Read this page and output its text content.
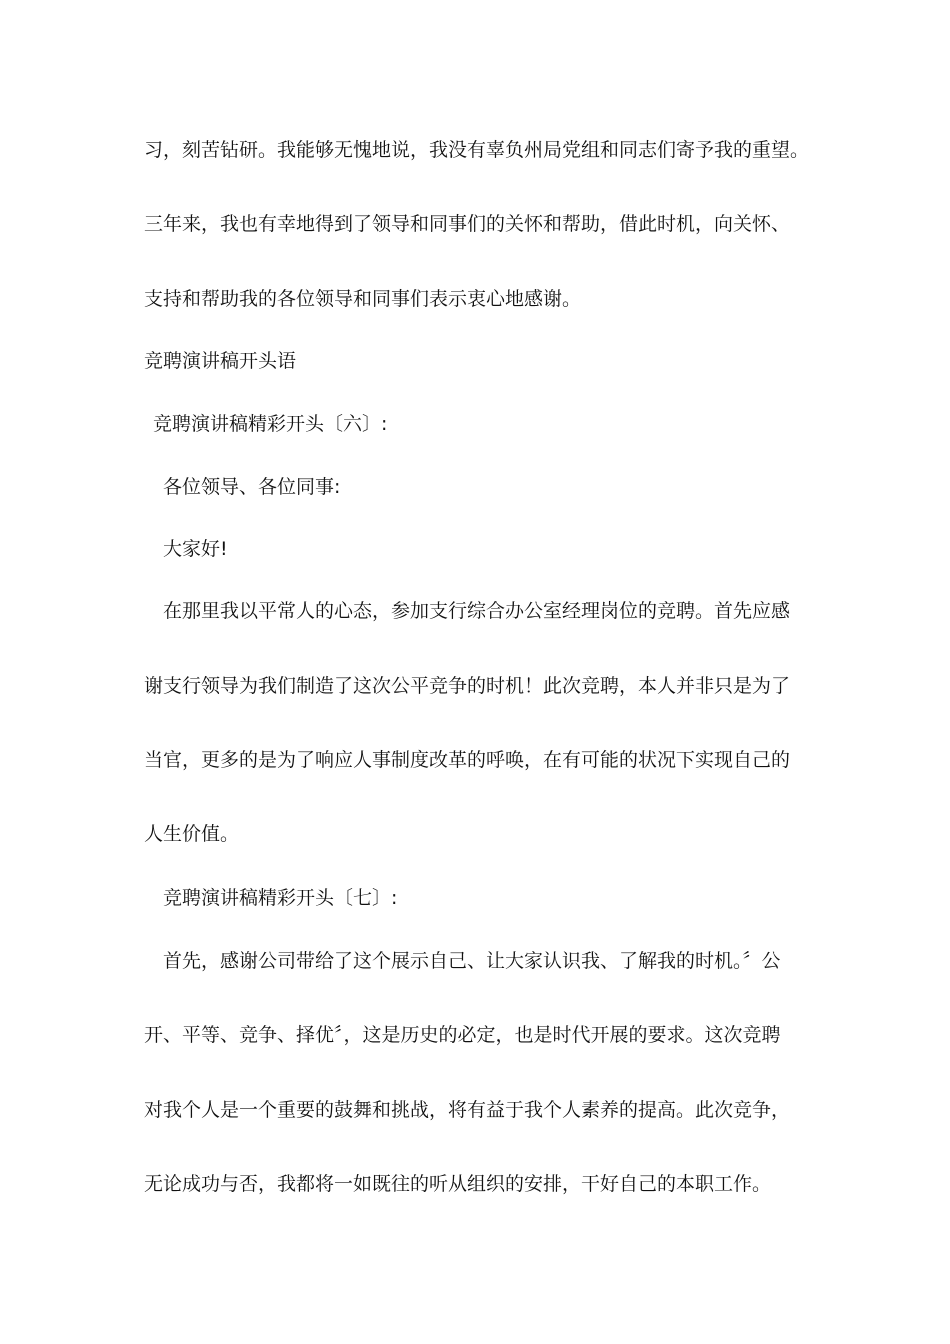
习，刻苦钻研。我能够无愧地说，我没有辜负州局党组和同志们寄予我的重望。
三年来，我也有幸地得到了领导和同事们的关怀和帮助，借此时机，向关怀、
支持和帮助我的各位领导和同事们表示衷心地感谢。
竞聘演讲稿开头语
竞聘演讲稿精彩开头〔六〕:
各位领导、各位同事:
大家好!
在那里我以平常人的心态，参加支行综合办公室经理岗位的竞聘。首先应感
谢支行领导为我们制造了这次公平竞争的时机！此次竞聘，本人并非只是为了
当官，更多的是为了响应人事制度改革的呼唤，在有可能的状况下实现自己的
人生价值。
竞聘演讲稿精彩开头〔七〕:
首先，感谢公司带给了这个展示自己、让大家认识我、了解我的时机。〞公
开、平等、竞争、择优〞，这是历史的必定，也是时代开展的要求。这次竞聘
对我个人是一个重要的鼓舞和挑战，将有益于我个人素养的提高。此次竞争，
无论成功与否，我都将一如既往的听从组织的安排，干好自己的本职工作。
